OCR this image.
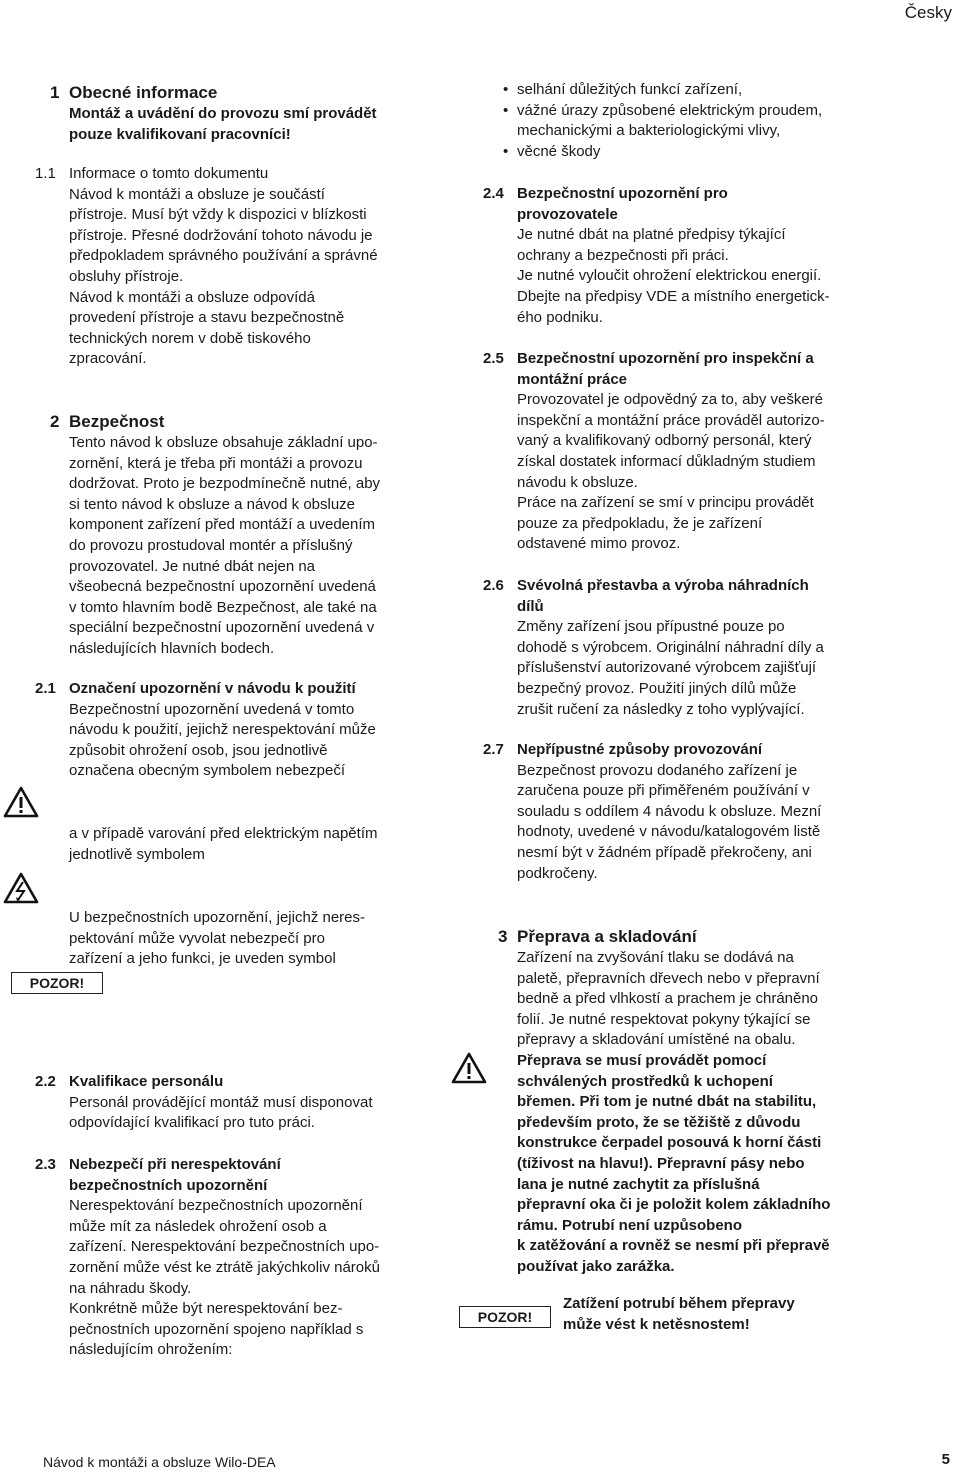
Česky
1 Obecné informace

Montáž a uvádění do provozu smí provádět

pouze kvalifikovaní pracovníci!

1.1 Informace o tomto dokumentu

Návod k montáži a obsluze je součástí

přístroje. Musí být vždy k dispozici v blízkosti

přístroje. Přesné dodržování tohoto návodu je

předpokladem správného používání a správné

obsluhy přístroje.

Návod k montáži a obsluze odpovídá

provedení přístroje a stavu bezpečnostně

technických norem v době tiskového

zpracování.

2 Bezpečnost

Tento návod k obsluze obsahuje základní upo-

zornění, která je třeba při montáži a provozu

dodržovat. Proto je bezpodmínečně nutné, aby

si tento návod k obsluze a návod k obsluze

komponent zařízení před montáží a uvedením

do provozu prostudoval montér a příslušný

provozovatel. Je nutné dbát nejen na

všeobecná bezpečnostní upozornění uvedená

v tomto hlavním bodě Bezpečnost, ale také na

speciální bezpečnostní upozornění uvedená v

následujících hlavních bodech.

2.1 Označení upozornění v návodu k použití

Bezpečnostní upozornění uvedená v tomto

návodu k použití, jejichž nerespektování může

způsobit ohrožení osob, jsou jednotlivě

označena obecným symbolem nebezpečí

a v případě varování před elektrickým napětím

jednotlivě symbolem

U bezpečnostních upozornění, jejichž neres-

pektování může vyvolat nebezpečí pro

zařízení a jeho funkci, je uveden symbol

POZOR!
2.2 Kvalifikace personálu

Personál provádějící montáž musí disponovat

odpovídající kvalifikací pro tuto práci.

2.3 Nebezpečí při nerespektování

bezpečnostních upozornění

Nerespektování bezpečnostních upozornění

může mít za následek ohrožení osob a

zařízení. Nerespektování bezpečnostních upo-

zornění může vést ke ztrátě jakýchkoliv nároků

na náhradu škody.

Konkrétně může být nerespektování bez-

pečnostních upozornění spojeno například s

následujícím ohrožením:

• selhání důležitých funkcí zařízení,
• vážné úrazy způsobené elektrickým proudem,
mechanickými a bakteriologickými vlivy,
• věcné škody
2.4 Bezpečnostní upozornění pro

provozovatele

Je nutné dbát na platné předpisy týkající

ochrany a bezpečnosti při práci.

Je nutné vyloučit ohrožení elektrickou energií.

Dbejte na předpisy VDE a místního energetick-

ého podniku.

2.5 Bezpečnostní upozornění pro inspekční a

montážní práce

Provozovatel je odpovědný za to, aby veškeré

inspekční a montážní práce prováděl autorizo-

vaný a kvalifikovaný odborný personál, který

získal dostatek informací důkladným studiem

návodu k obsluze.

Práce na zařízení se smí v principu provádět

pouze za předpokladu, že je zařízení

odstavené mimo provoz.

2.6 Svévolná přestavba a výroba náhradních

dílů

Změny zařízení jsou přípustné pouze po

dohodě s výrobcem. Originální náhradní díly a

příslušenství autorizované výrobcem zajišťují

bezpečný provoz. Použití jiných dílů může

zrušit ručení za následky z toho vyplývající.

2.7 Nepřípustné způsoby provozování

Bezpečnost provozu dodaného zařízení je

zaručena pouze při přiměřeném používání v

souladu s oddílem 4 návodu k obsluze. Mezní

hodnoty, uvedené v návodu/katalogovém listě

nesmí být v žádném případě překročeny, ani

podkročeny.

3 Přeprava a skladování

Zařízení na zvyšování tlaku se dodává na

paletě, přepravních dřevech nebo v přepravní

bedně a před vlhkostí a prachem je chráněno

folií. Je nutné respektovat pokyny týkající se

přepravy a skladování umístěné na obalu.

Přeprava se musí provádět pomocí

schválených prostředků k uchopení

břemen. Při tom je nutné dbát na stabilitu,

především proto, že se těžiště z důvodu

konstrukce čerpadel posouvá k horní části

(tíživost na hlavu!). Přepravní pásy nebo

lana je nutné zachytit za příslušná

přepravní oka či je položit kolem základního

rámu. Potrubí není uzpůsobeno

k zatěžování a rovněž se nesmí při přepravě

používat jako zarážka.

POZOR!

Zatížení potrubí během přepravy

může vést k netěsnostem!

Návod k montáži a obsluze Wilo-DEA	5
